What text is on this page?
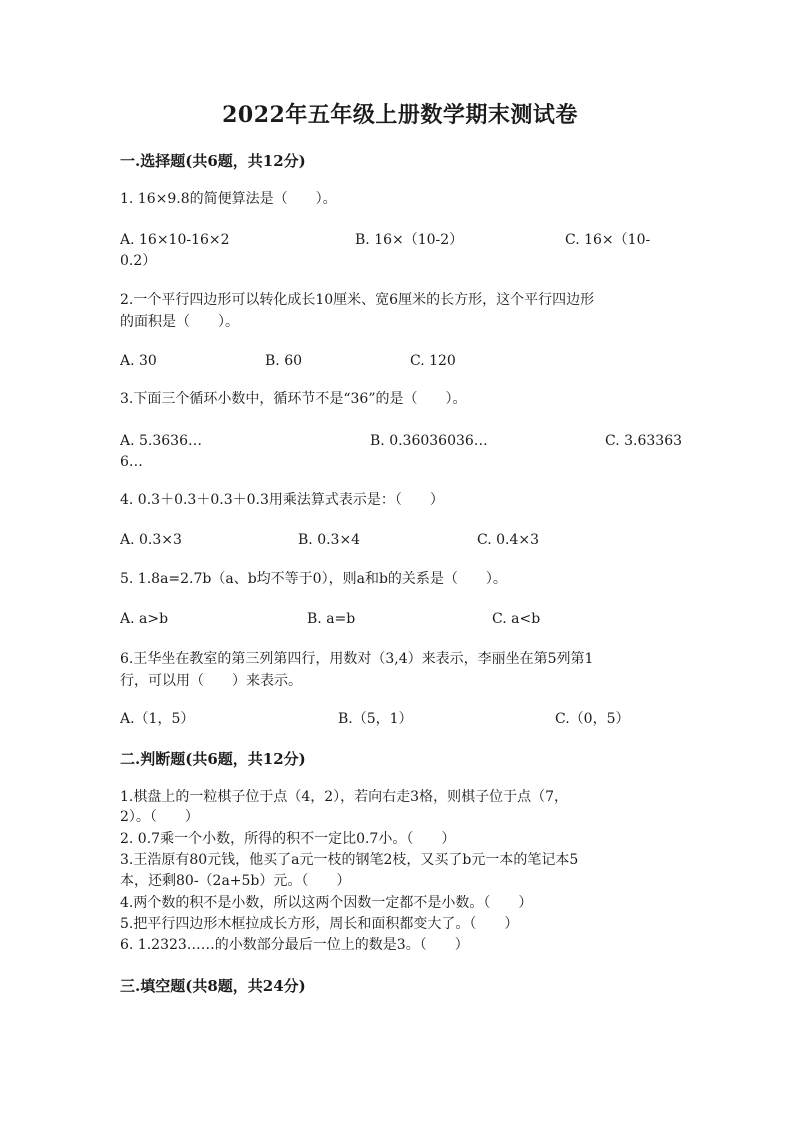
2022年五年级上册数学期末测试卷
一.选择题(共6题，共12分)
1. 16×9.8的简便算法是（　　）。
A. 16×10-16×2	B. 16×（10-2）	C. 16×（10-
0.2）
2.一个平行四边形可以转化成长10厘米、宽6厘米的长方形，这个平行四边形
的面积是（　　）。
A. 30	B. 60	C. 120
3.下面三个循环小数中，循环节不是“36”的是（　　）。
A. 5.3636…	B. 0.36036036…	C. 3.63363
6…
4. 0.3＋0.3＋0.3＋0.3用乘法算式表示是：（　　）
A. 0.3×3	B. 0.3×4	C. 0.4×3
5. 1.8a=2.7b（a、b均不等于0），则a和b的关系是（　　）。
A. a>b	B. a=b	C. a<b
6.王华坐在教室的第三列第四行，用数对（3,4）来表示，李丽坐在第5列第1
行，可以用（　　）来表示。
A.（1，5）	B.（5，1）	C.（0，5）
二.判断题(共6题，共12分)
1.棋盘上的一粒棋子位于点（4，2），若向右走3格，则棋子位于点（7，
2）。（　　）
2. 0.7乘一个小数，所得的积不一定比0.7小。（　　）
3.王浩原有80元钱，他买了a元一枝的钢笔2枝，又买了b元一本的笔记本5
本，还剩80-（2a+5b）元。（　　）
4.两个数的积不是小数，所以这两个因数一定都不是小数。（　　）
5.把平行四边形木框拉成长方形，周长和面积都变大了。（　　）
6. 1.2323……的小数部分最后一位上的数是3。（　　）
三.填空题(共8题，共24分)
